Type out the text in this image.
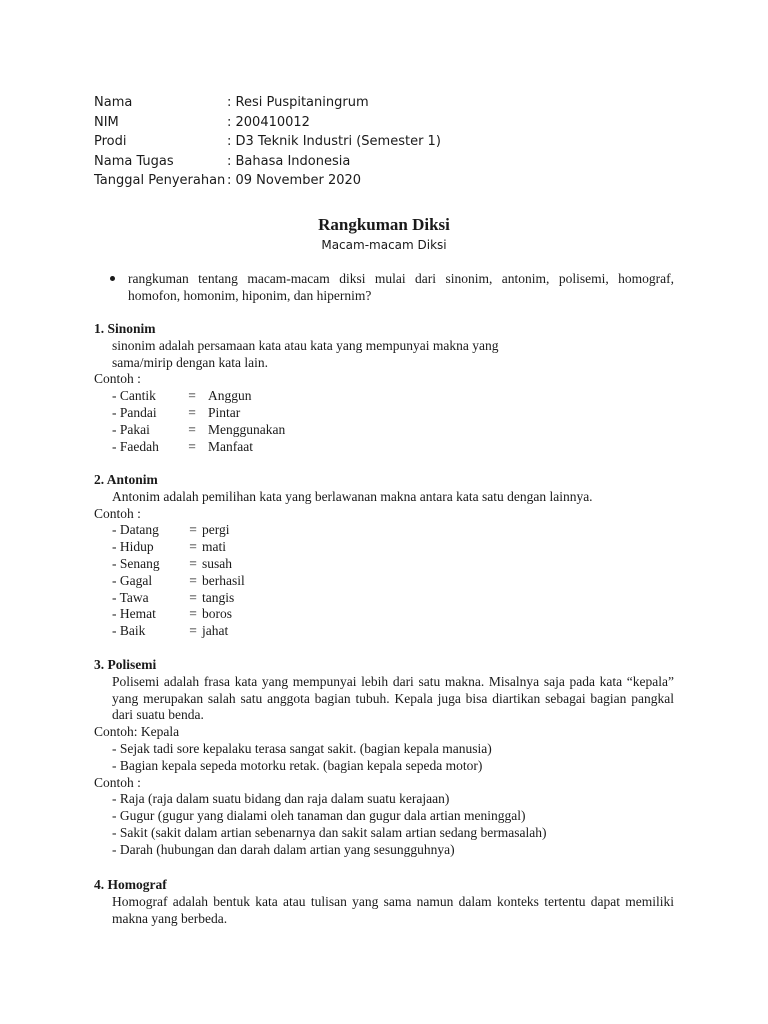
Nama	: Resi Puspitaningrum
NIM	: 200410012
Prodi	: D3 Teknik Industri (Semester 1)
Nama Tugas	: Bahasa Indonesia
Tanggal Penyerahan : 09 November 2020
Rangkuman Diksi
Macam-macam Diksi
rangkuman tentang macam-macam diksi mulai dari sinonim, antonim, polisemi, homograf, homofon, homonim, hiponim, dan hipernim?
1. Sinonim
sinonim adalah persamaan kata atau kata yang mempunyai makna yang
sama/mirip dengan kata lain.
Contoh :
- Cantik	= Anggun
- Pandai	= Pintar
- Pakai	= Menggunakan
- Faedah	= Manfaat
2. Antonim
Antonim adalah pemilihan kata yang berlawanan makna antara kata satu dengan lainnya.
Contoh :
- Datang	= pergi
- Hidup	= mati
- Senang	= susah
- Gagal	= berhasil
- Tawa	= tangis
- Hemat	= boros
- Baik	= jahat
3. Polisemi
Polisemi adalah frasa kata yang mempunyai lebih dari satu makna. Misalnya saja pada kata “kepala” yang merupakan salah satu anggota bagian tubuh. Kepala juga bisa diartikan sebagai bagian pangkal dari suatu benda.
Contoh: Kepala
- Sejak tadi sore kepalaku terasa sangat sakit. (bagian kepala manusia)
- Bagian kepala sepeda motorku retak. (bagian kepala sepeda motor)
Contoh :
- Raja (raja dalam suatu bidang dan raja dalam suatu kerajaan)
- Gugur (gugur yang dialami oleh tanaman dan gugur dala artian meninggal)
- Sakit (sakit dalam artian sebenarnya dan sakit salam artian sedang bermasalah)
- Darah (hubungan dan darah dalam artian yang sesungguhnya)
4. Homograf
Homograf adalah bentuk kata atau tulisan yang sama namun dalam konteks tertentu dapat memiliki makna yang berbeda.
